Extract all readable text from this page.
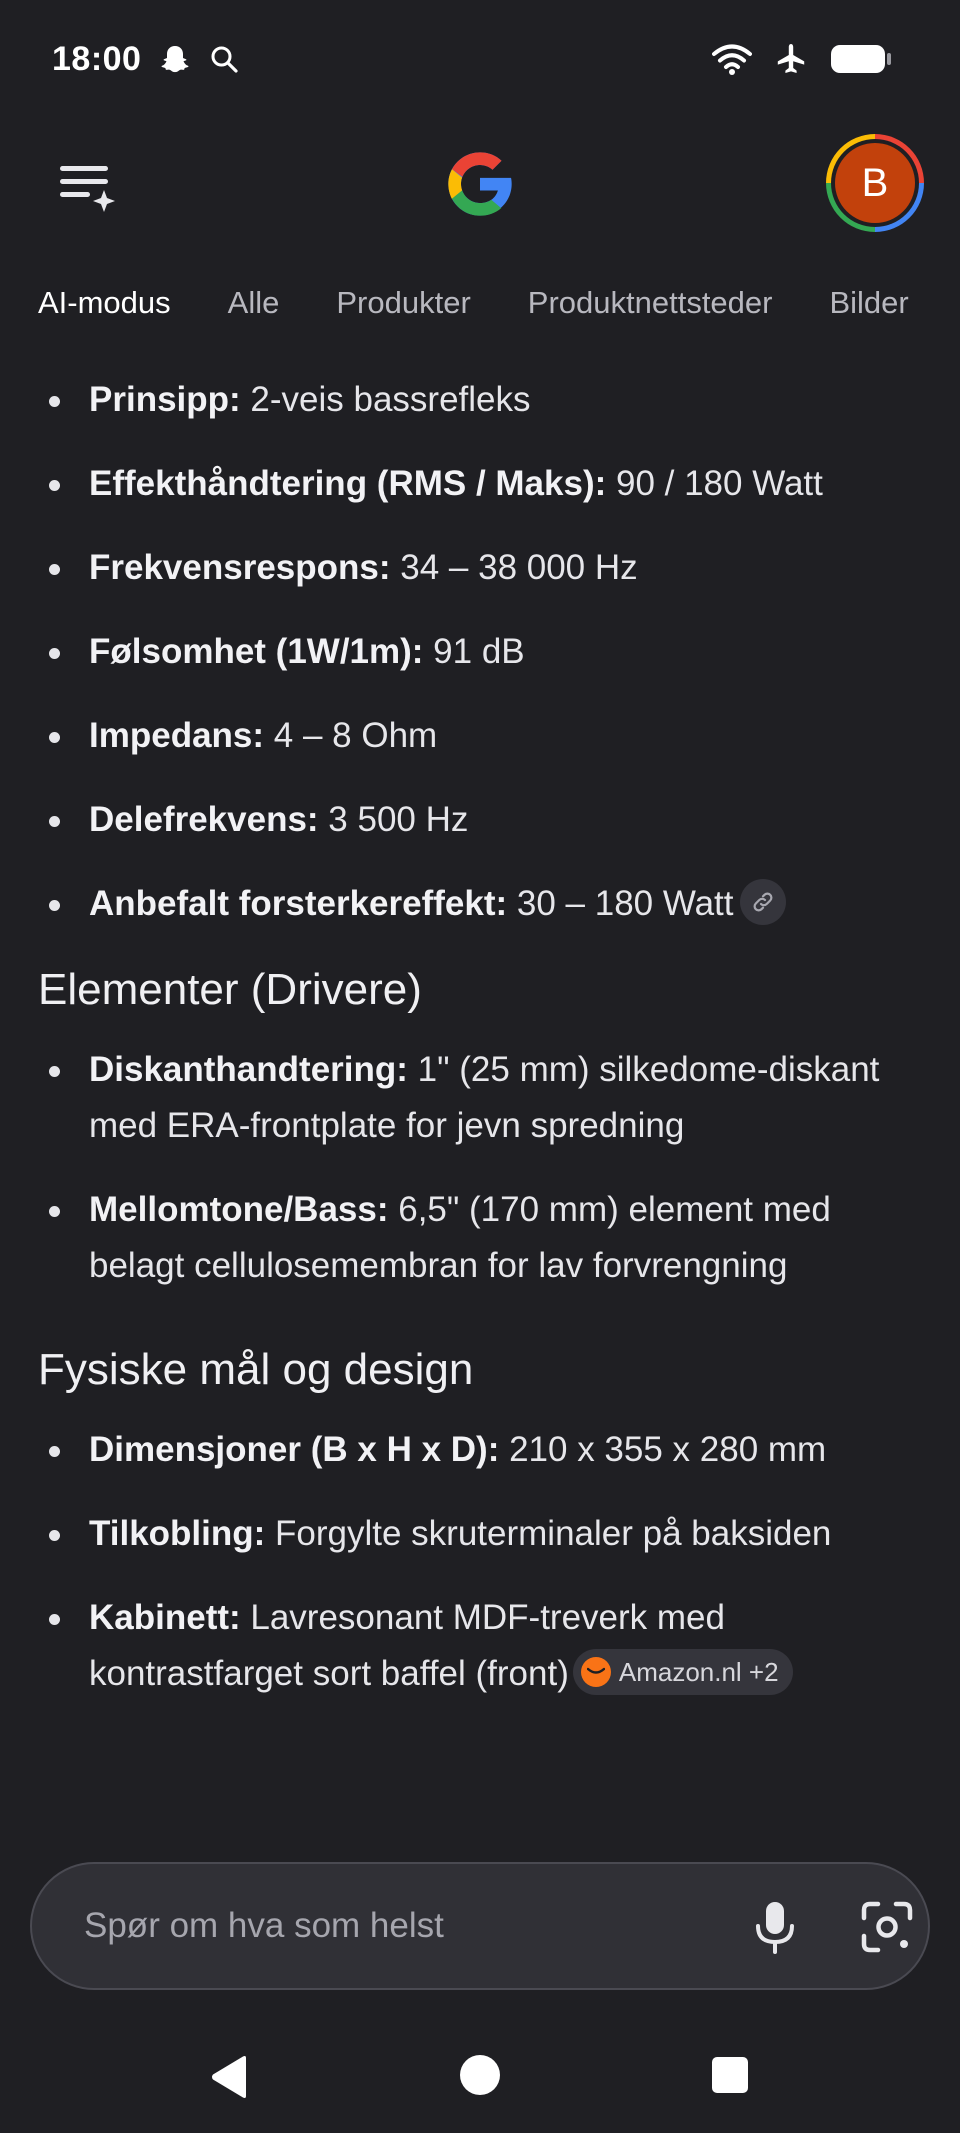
18:00
B
AI-modus Alle Produkter Produktnettsteder Bilder
Prinsipp: 2-veis bassrefleks
Effekthåndtering (RMS / Maks): 90 / 180 Watt
Frekvensrespons: 34 – 38 000 Hz
Følsomhet (1W/1m): 91 dB
Impedans: 4 – 8 Ohm
Delefrekvens: 3 500 Hz
Anbefalt forsterkereffekt: 30 – 180 Watt
Elementer (Drivere)
Diskanthandtering: 1" (25 mm) silkedome-diskant med ERA-frontplate for jevn spredning
Mellomtone/Bass: 6,5" (170 mm) element med belagt cellulosemembran for lav forvrengning
Fysiske mål og design
Dimensjoner (B x H x D): 210 x 355 x 280 mm
Tilkobling: Forgylte skruterminaler på baksiden
Kabinett: Lavresonant MDF-treverk med kontrastfarget sort baffel (front) Amazon.nl +2
Spør om hva som helst
